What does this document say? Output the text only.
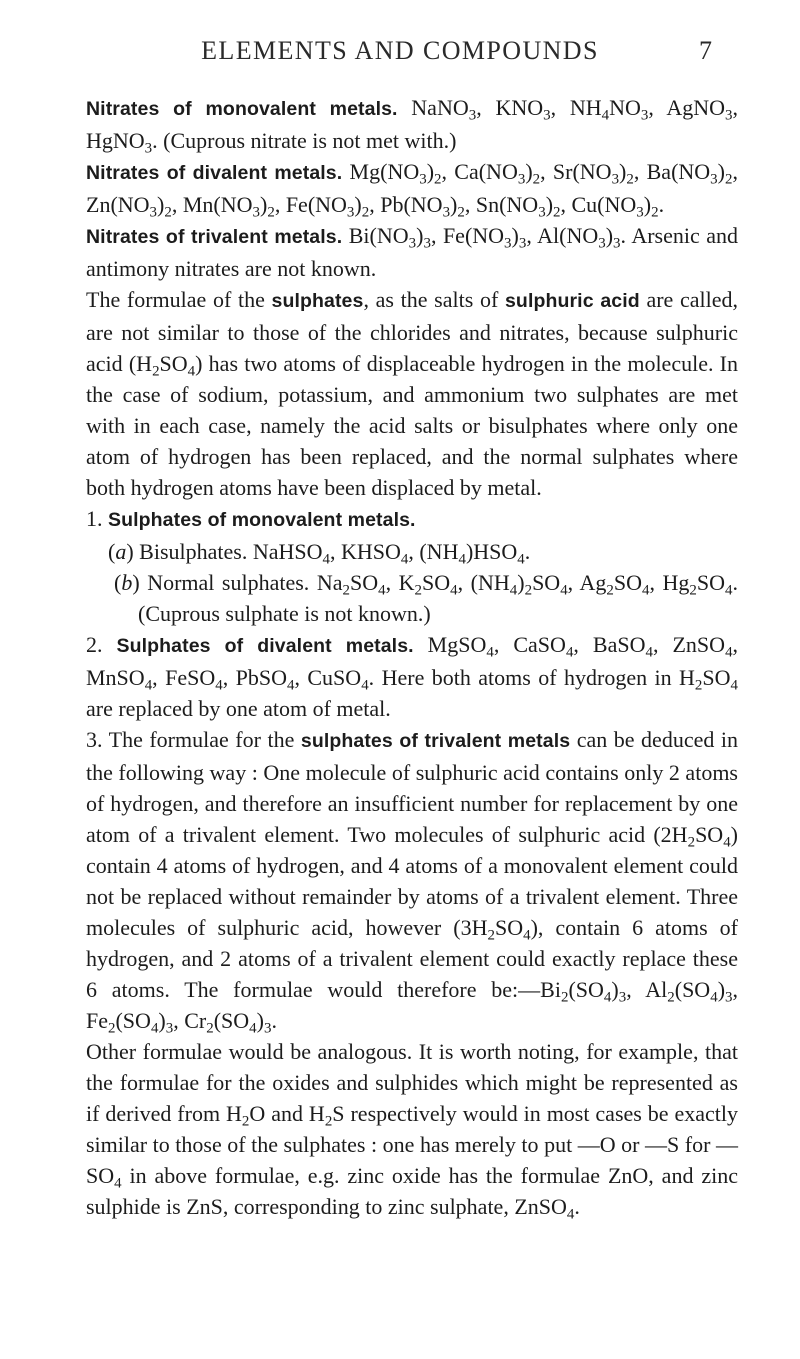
ELEMENTS AND COMPOUNDS	7

Nitrates of monovalent metals. NaNO$_3$, $KNO_3$, $NH_4NO_3$, AgNO$_3$, HgNO$_3$. (Cuprous nitrate is not met with.)

Nitrates of divalent metals. $Mg(NO_3)_2$, $Ca(NO_3)_2$, $Sr(NO_3)_2$, $Ba(NO_3)_2$, $Zn(NO_3)_2$, $Mn(NO_3)_2$, $Fe(NO_3)_2$, $Pb(NO_3)_2$, $Sn(NO_3)_2$, $Cu(NO_3)_2$.

Nitrates of trivalent metals. $Bi(NO_3)_3$, $Fe(NO_3)_3$, $Al(NO_3)_3$. Arsenic and antimony nitrates are not known.

The formulae of the sulphates, as the salts of sulphuric acid are called, are not similar to those of the chlorides and nitrates, because sulphuric acid $(H_2SO_4)$ has two atoms of displaceable hydrogen in the molecule. In the case of sodium, potassium, and ammonium two sulphates are met with in each case, namely the acid salts or bisulphates where only one atom of hydrogen has been replaced, and the normal sulphates where both hydrogen atoms have been displaced by metal.

1. Sulphates of monovalent metals.

(a) Bisulphates. NaHSO$_4$, $KHSO_4$, $(NH_4)HSO_4$.

(b) Normal sulphates. $Na_2SO_4$, $K_2SO_4$, $(NH_4)_2SO_4$, $Ag_2SO_4$, $Hg_2SO_4$. (Cuprous sulphate is not known.)

2. Sulphates of divalent metals. MgSO$_4$, CaSO$_4$, BaSO$_4$, ZnSO$_4$, MnSO$_4$, FeSO$_4$, PbSO$_4$, CuSO$_4$. Here both atoms of hydrogen in $H_2SO_4$ are replaced by one atom of metal.

3. The formulae for the sulphates of trivalent metals can be deduced in the following way : One molecule of sulphuric acid contains only 2 atoms of hydrogen, and therefore an insufficient number for replacement by one atom of a trivalent element. Two molecules of sulphuric acid $(2H_2SO_4)$ contain 4 atoms of hydrogen, and 4 atoms of a monovalent element could not be replaced without remainder by atoms of a trivalent element. Three molecules of sulphuric acid, however $(3H_2SO_4)$, contain 6 atoms of hydrogen, and 2 atoms of a trivalent element could exactly replace these 6 atoms. The formulae would therefore $be:—Bi_2(SO_4)_3$, $Al_2(SO_4)_3$, $Fe_2(SO_4)_3$, $Cr_2(SO_4)_3$.

Other formulae would be analogous. It is worth noting, for example, that the formulae for the oxides and sulphides which might be represented as if derived from $H_2O$ and $H_2S$ respectively would in most cases be exactly similar to those of the sulphates : one has merely to put —O or —S for $—SO_4$ in above formulae, e.g. zinc oxide has the formulae ZnO, and zinc sulphide is ZnS, corresponding to zinc sulphate, ZnSO$_4$.
